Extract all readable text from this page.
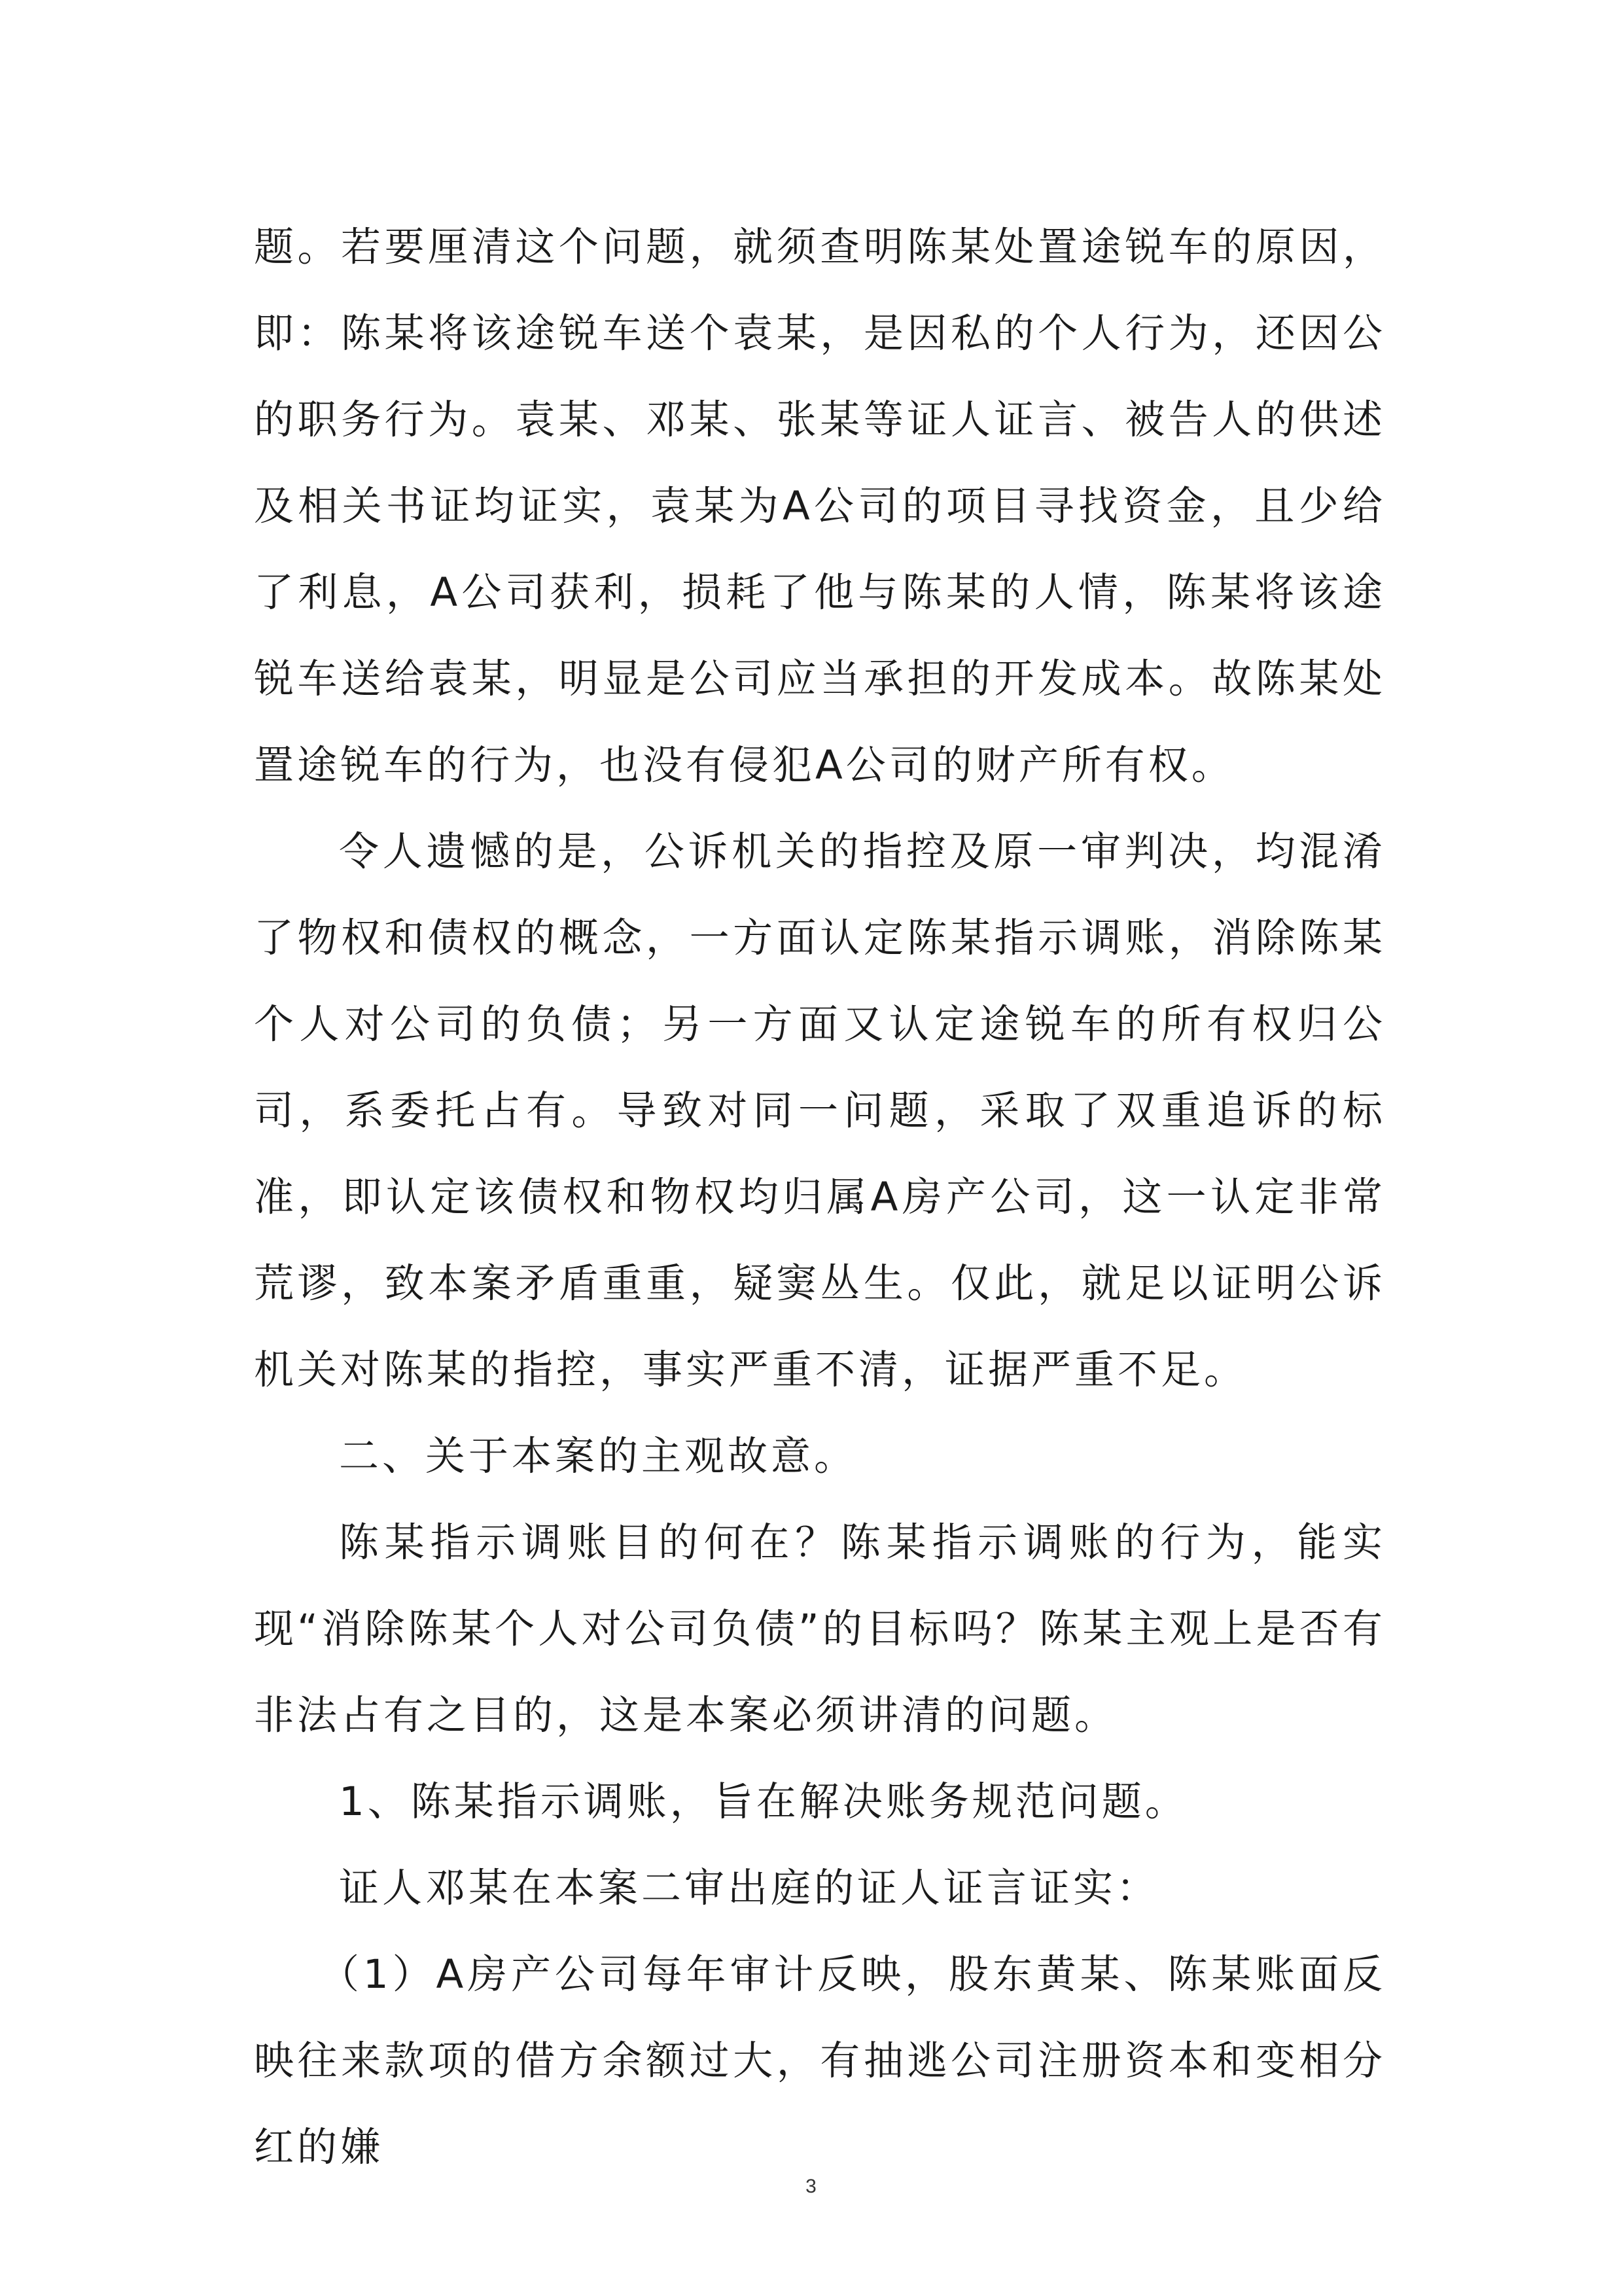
题。若要厘清这个问题，就须查明陈某处置途锐车的原因，即：陈某将该途锐车送个袁某，是因私的个人行为，还因公的职务行为。袁某、邓某、张某等证人证言、被告人的供述及相关书证均证实，袁某为A公司的项目寻找资金，且少给了利息，A公司获利，损耗了他与陈某的人情，陈某将该途锐车送给袁某，明显是公司应当承担的开发成本。故陈某处置途锐车的行为，也没有侵犯A公司的财产所有权。

令人遗憾的是，公诉机关的指控及原一审判决，均混淆了物权和债权的概念，一方面认定陈某指示调账，消除陈某个人对公司的负债；另一方面又认定途锐车的所有权归公司，系委托占有。导致对同一问题，采取了双重追诉的标准，即认定该债权和物权均归属A房产公司，这一认定非常荒谬，致本案矛盾重重，疑窦丛生。仅此，就足以证明公诉机关对陈某的指控，事实严重不清，证据严重不足。

二、关于本案的主观故意。

陈某指示调账目的何在？陈某指示调账的行为，能实现“消除陈某个人对公司负债”的目标吗？陈某主观上是否有非法占有之目的，这是本案必须讲清的问题。

1、陈某指示调账，旨在解决账务规范问题。

证人邓某在本案二审出庭的证人证言证实：

（1）A房产公司每年审计反映，股东黄某、陈某账面反映往来款项的借方余额过大，有抽逃公司注册资本和变相分红的嫌

3
